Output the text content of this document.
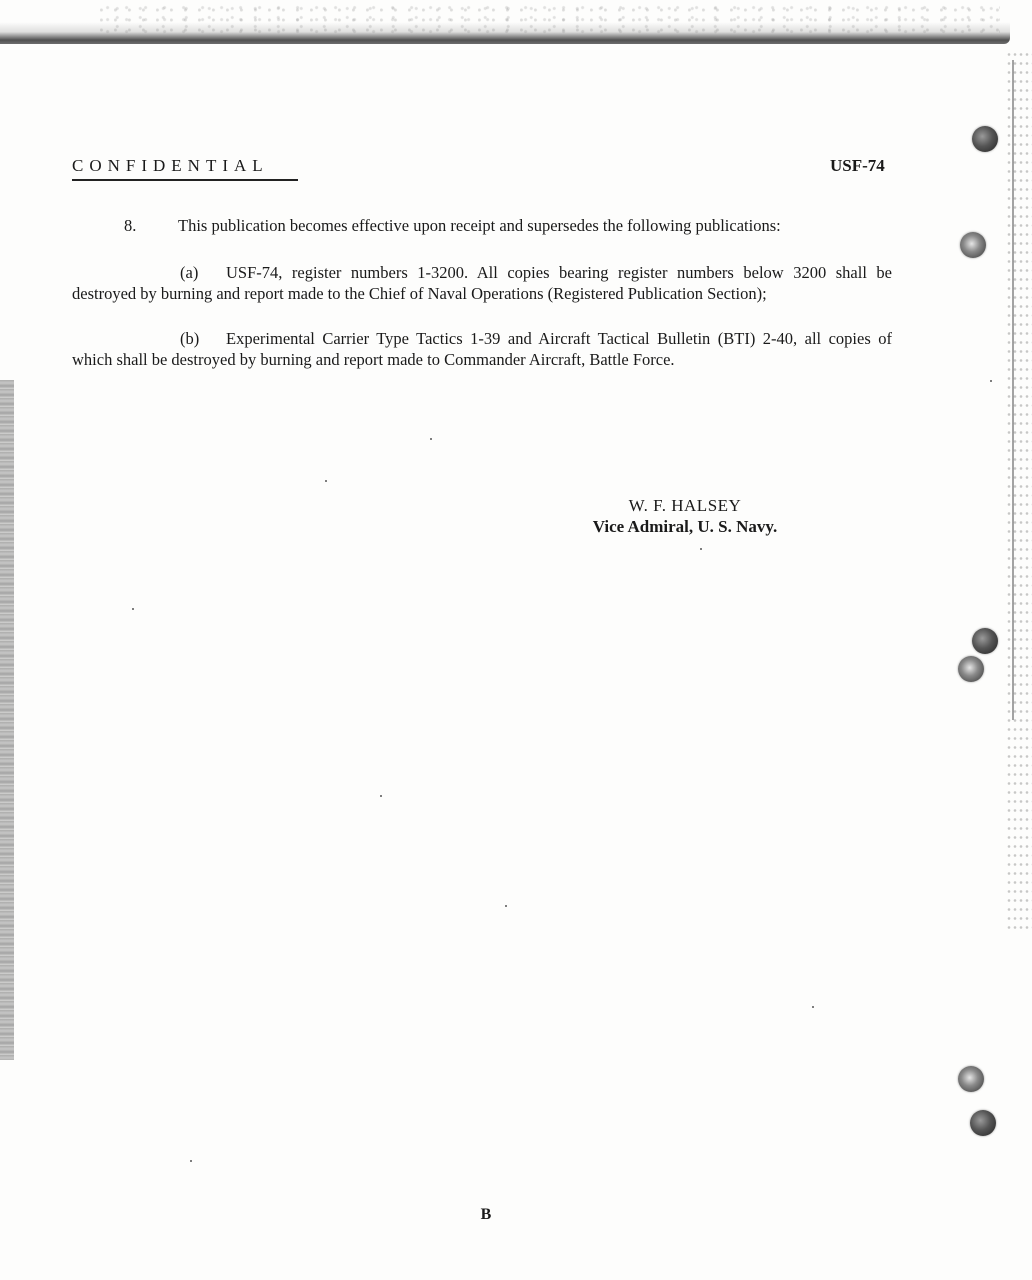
CONFIDENTIAL	USF-74
8.	This publication becomes effective upon receipt and supersedes the following publications:
(a) USF-74, register numbers 1-3200. All copies bearing register numbers below 3200 shall be destroyed by burning and report made to the Chief of Naval Operations (Registered Publication Section);
(b) Experimental Carrier Type Tactics 1-39 and Aircraft Tactical Bulletin (BTI) 2-40, all copies of which shall be destroyed by burning and report made to Commander Aircraft, Battle Force.
W. F. HALSEY
Vice Admiral, U. S. Navy.
B
